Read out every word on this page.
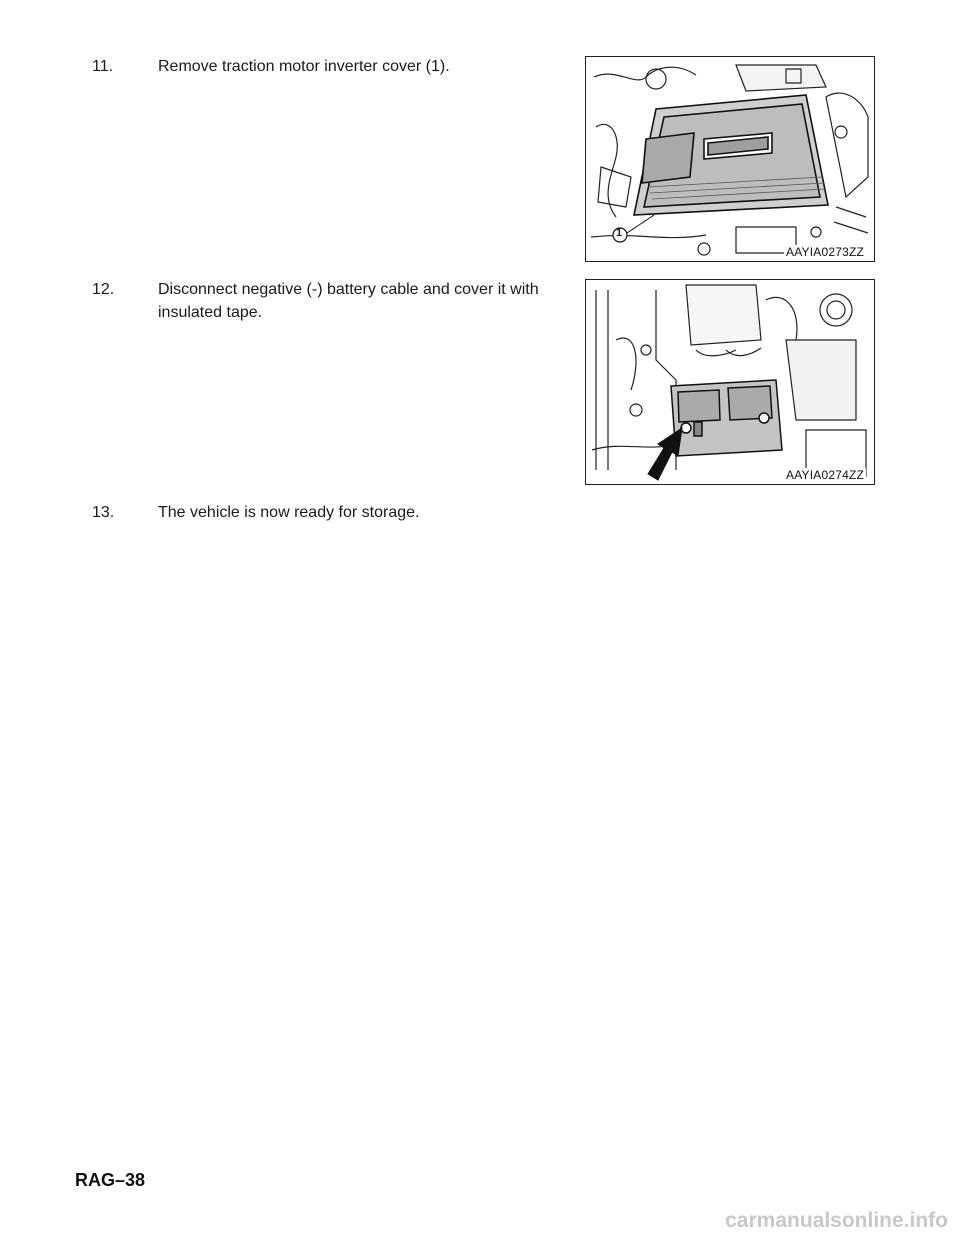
11.	Remove traction motor inverter cover (1).
1
AAYIA0273ZZ
12.	Disconnect negative (-) battery cable and cover it with insulated tape.
AAYIA0274ZZ
13.	The vehicle is now ready for storage.
RAG–38
carmanualsonline.info
